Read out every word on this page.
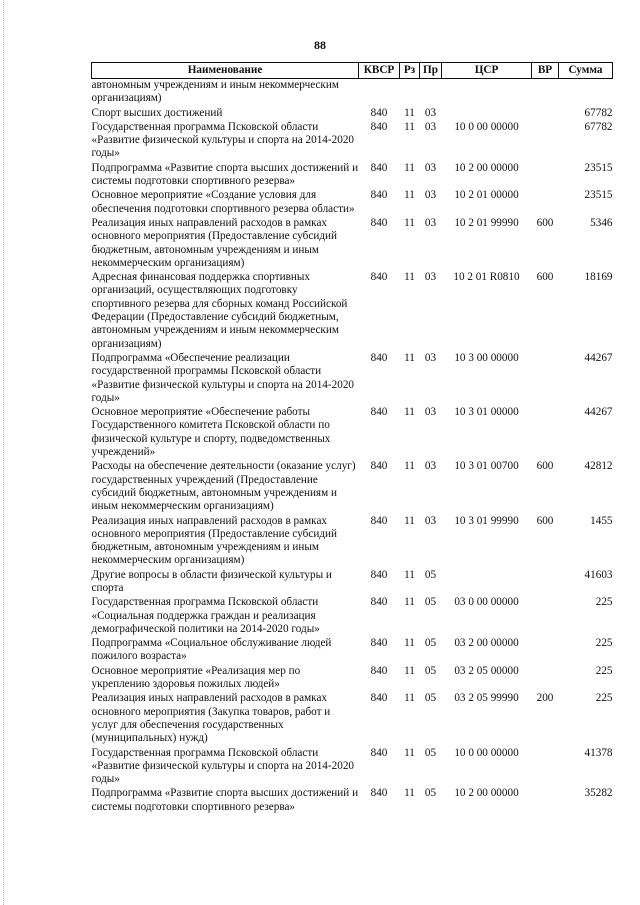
88
Наименование	КВСР	Рз	Пр	ЦСР	ВР	Сумма
автономным учреждениям и иным некоммерческим организациям)						
Спорт высших достижений	840	11	03			67782
Государственная программа Псковской области «Развитие физической культуры и спорта на 2014-2020 годы»	840	11	03	10 0 00 00000		67782
Подпрограмма «Развитие спорта высших достижений и системы подготовки спортивного резерва»	840	11	03	10 2 00 00000		23515
Основное мероприятие «Создание условия для обеспечения подготовки спортивного резерва области»	840	11	03	10 2 01 00000		23515
Реализация иных направлений расходов в рамках основного мероприятия (Предоставление субсидий бюджетным, автономным учреждениям и иным некоммерческим организациям)	840	11	03	10 2 01 99990	600	5346
Адресная финансовая поддержка спортивных организаций, осуществляющих подготовку спортивного резерва для сборных команд Российской Федерации (Предоставление субсидий бюджетным, автономным учреждениям и иным некоммерческим организациям)	840	11	03	10 2 01 R0810	600	18169
Подпрограмма «Обеспечение реализации государственной программы Псковской области «Развитие физической культуры и спорта на 2014-2020 годы»	840	11	03	10 3 00 00000		44267
Основное мероприятие «Обеспечение работы Государственного комитета Псковской области по физической культуре и спорту, подведомственных учреждений»	840	11	03	10 3 01 00000		44267
Расходы на обеспечение деятельности (оказание услуг) государственных учреждений (Предоставление субсидий бюджетным, автономным учреждениям и иным некоммерческим организациям)	840	11	03	10 3 01 00700	600	42812
Реализация иных направлений расходов в рамках основного мероприятия (Предоставление субсидий бюджетным, автономным учреждениям и иным некоммерческим организациям)	840	11	03	10 3 01 99990	600	1455
Другие вопросы в области физической культуры и спорта	840	11	05			41603
Государственная программа Псковской области «Социальная поддержка граждан и реализация демографической политики на 2014-2020 годы»	840	11	05	03 0 00 00000		225
Подпрограмма «Социальное обслуживание людей пожилого возраста»	840	11	05	03 2 00 00000		225
Основное мероприятие «Реализация мер по укреплению здоровья пожилых людей»	840	11	05	03 2 05 00000		225
Реализация иных направлений расходов в рамках основного мероприятия (Закупка товаров, работ и услуг для обеспечения государственных (муниципальных) нужд)	840	11	05	03 2 05 99990	200	225
Государственная программа Псковской области «Развитие физической культуры и спорта на 2014-2020 годы»	840	11	05	10 0 00 00000		41378
Подпрограмма «Развитие спорта высших достижений и системы подготовки спортивного резерва»	840	11	05	10 2 00 00000		35282
